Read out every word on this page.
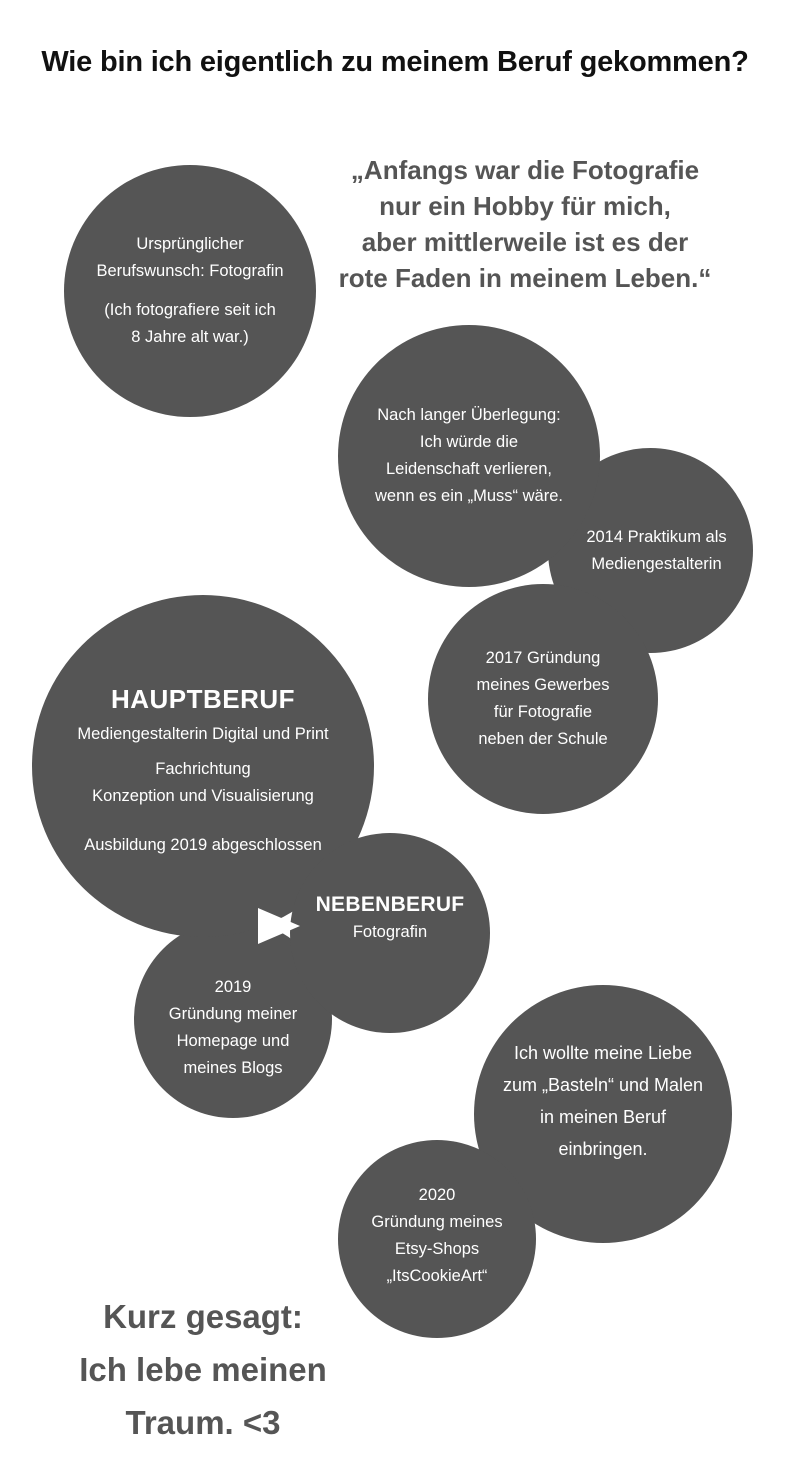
Wie bin ich eigentlich zu meinem Beruf gekommen?
„Anfangs war die Fotografie
nur ein Hobby für mich,
aber mittlerweile ist es der
rote Faden in meinem Leben.“
Ursprünglicher
Berufswunsch: Fotografin
(Ich fotografiere seit ich
8 Jahre alt war.)
2014 Praktikum als
Mediengestalterin
Nach langer Überlegung:
Ich würde die
Leidenschaft verlieren,
wenn es ein „Muss“ wäre.
2017 Gründung
meines Gewerbes
für Fotografie
neben der Schule
2019
Gründung meiner
Homepage und
meines Blogs
HAUPTBERUF
Mediengestalterin Digital und Print
Fachrichtung
Konzeption und Visualisierung
Ausbildung 2019 abgeschlossen
NEBENBERUF
Fotografin
Ich wollte meine Liebe
zum „Basteln“ und Malen
in meinen Beruf
einbringen.
2020
Gründung meines
Etsy-Shops
„ItsCookieArt“
Kurz gesagt:
Ich lebe meinen
Traum. <3
